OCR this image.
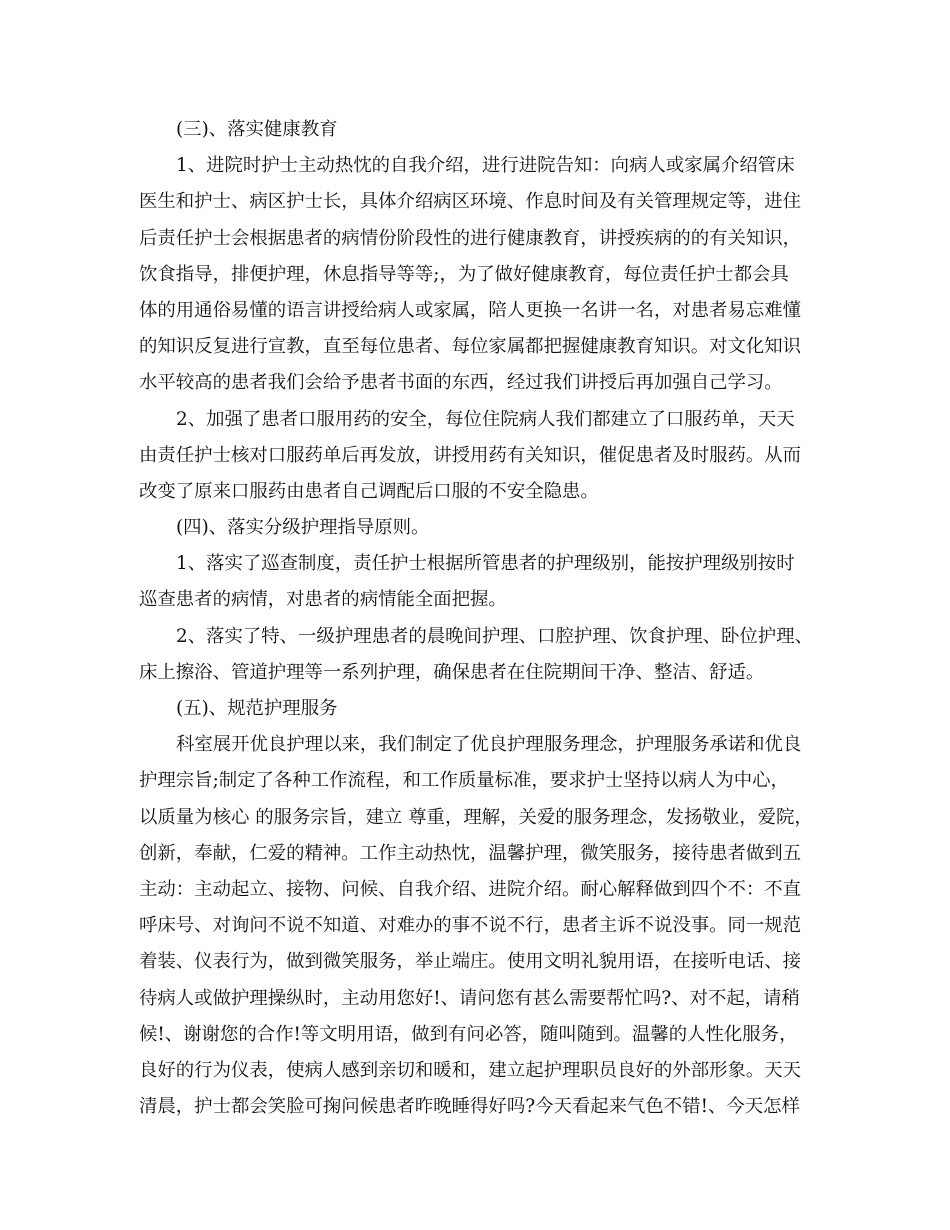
(三)、落实健康教育
1、进院时护士主动热忱的自我介绍，进行进院告知：向病人或家属介绍管床
医生和护士、病区护士长，具体介绍病区环境、作息时间及有关管理规定等，进住
后责任护士会根据患者的病情份阶段性的进行健康教育，讲授疾病的的有关知识，
饮食指导，排便护理，休息指导等等;，为了做好健康教育，每位责任护士都会具
体的用通俗易懂的语言讲授给病人或家属，陪人更换一名讲一名，对患者易忘难懂
的知识反复进行宣教，直至每位患者、每位家属都把握健康教育知识。对文化知识
水平较高的患者我们会给予患者书面的东西，经过我们讲授后再加强自己学习。
2、加强了患者口服用药的安全，每位住院病人我们都建立了口服药单，天天
由责任护士核对口服药单后再发放，讲授用药有关知识，催促患者及时服药。从而
改变了原来口服药由患者自己调配后口服的不安全隐患。
(四)、落实分级护理指导原则。
1、落实了巡查制度，责任护士根据所管患者的护理级别，能按护理级别按时
巡查患者的病情，对患者的病情能全面把握。
2、落实了特、一级护理患者的晨晚间护理、口腔护理、饮食护理、卧位护理、
床上擦浴、管道护理等一系列护理，确保患者在住院期间干净、整洁、舒适。
(五)、规范护理服务
科室展开优良护理以来，我们制定了优良护理服务理念，护理服务承诺和优良
护理宗旨;制定了各种工作流程，和工作质量标准，要求护士坚持以病人为中心，
以质量为核心 的服务宗旨，建立 尊重，理解，关爱的服务理念，发扬敬业，爱院，
创新，奉献，仁爱的精神。工作主动热忱，温馨护理，微笑服务，接待患者做到五
主动：主动起立、接物、问候、自我介绍、进院介绍。耐心解释做到四个不：不直
呼床号、对询问不说不知道、对难办的事不说不行，患者主诉不说没事。同一规范
着装、仪表行为，做到微笑服务，举止端庄。使用文明礼貌用语，在接听电话、接
待病人或做护理操纵时，主动用您好!、请问您有甚么需要帮忙吗?、对不起，请稍
候!、谢谢您的合作!等文明用语，做到有问必答，随叫随到。温馨的人性化服务，
良好的行为仪表，使病人感到亲切和暖和，建立起护理职员良好的外部形象。天天
清晨，护士都会笑脸可掬问候患者昨晚睡得好吗?今天看起来气色不错!、今天怎样
